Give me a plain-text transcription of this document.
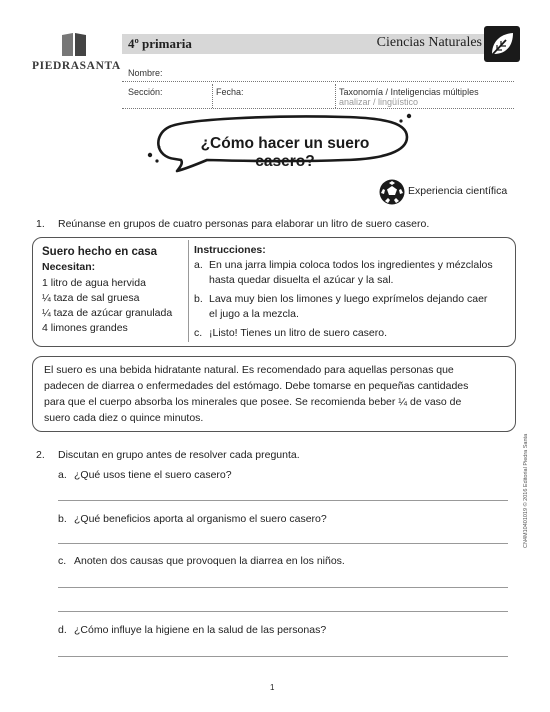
PIEDRASANTA
4º primaria	Ciencias Naturales
Nombre:
Sección:	Fecha:	Taxonomía / Inteligencias múltiples
analizar / lingüístico
¿Cómo hacer un suero casero?
Experiencia científica
1. Reúnanse en grupos de cuatro personas para elaborar un litro de suero casero.
Suero hecho en casa
Necesitan:
1 litro de agua hervida
¼ taza de sal gruesa
¼ taza de azúcar granulada
4 limones grandes
Instrucciones:
a. En una jarra limpia coloca todos los ingredientes y mézclalos
hasta quedar disuelta el azúcar y la sal.
b. Lava muy bien los limones y luego exprímelos dejando caer
el jugo a la mezcla.
c. ¡Listo! Tienes un litro de suero casero.
El suero es una bebida hidratante natural. Es recomendado para aquellas personas que
padecen de diarrea o enfermedades del estómago. Debe tomarse en pequeñas cantidades
para que el cuerpo absorba los minerales que posee. Se recomienda beber ¼ de vaso de
suero cada diez o quince minutos.
2. Discutan en grupo antes de resolver cada pregunta.
a. ¿Qué usos tiene el suero casero?
b. ¿Qué beneficios aporta al organismo el suero casero?
c. Anoten dos causas que provoquen la diarrea en los niños.
d. ¿Cómo influye la higiene en la salud de las personas?
CN4M10401019 © 2016 Editorial Piedra Santa
1
